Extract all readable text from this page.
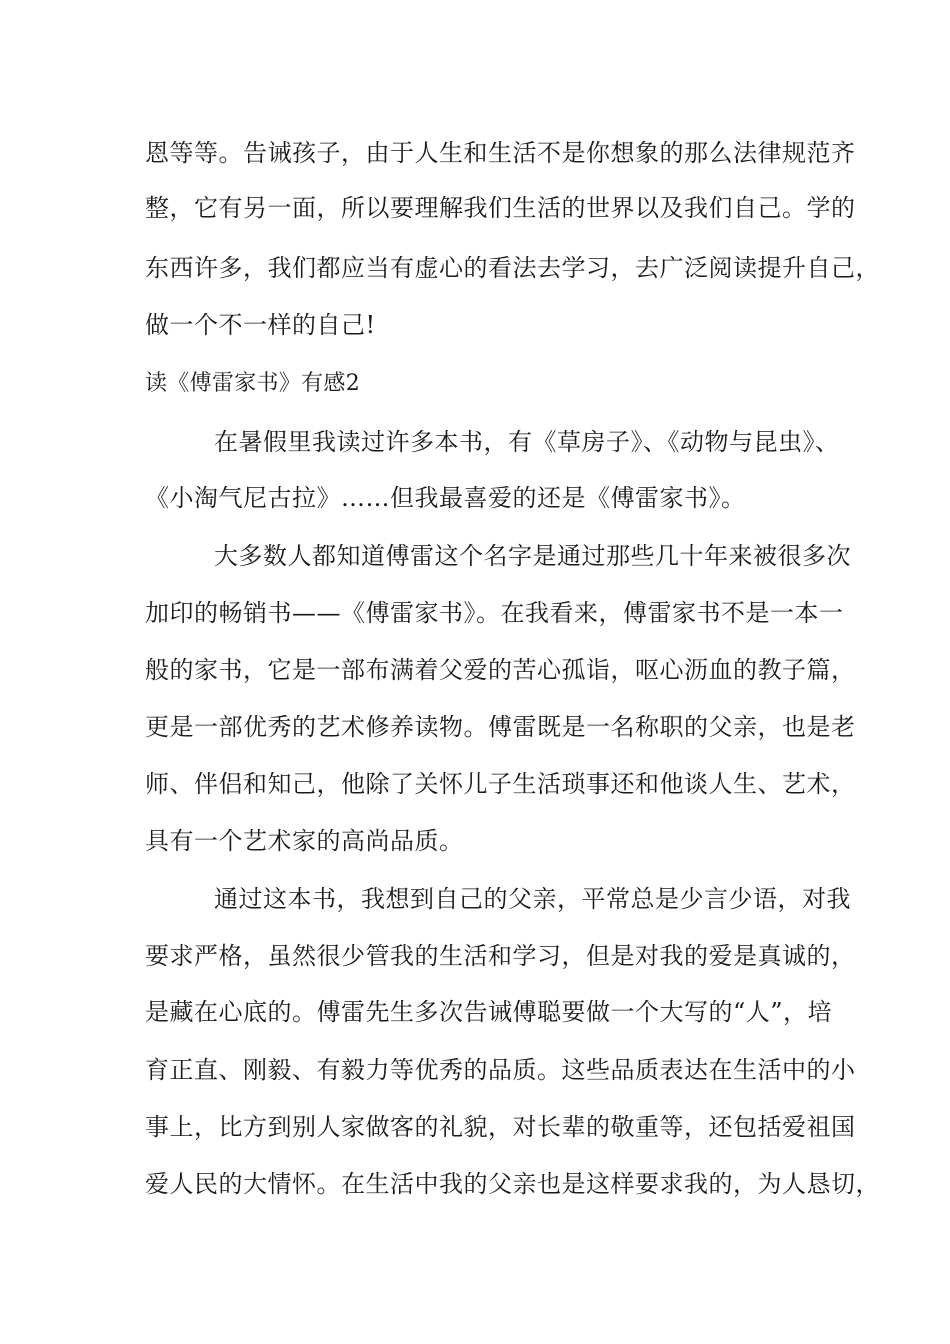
恩等等。告诫孩子，由于人生和生活不是你想象的那么法律规范齐
整，它有另一面，所以要理解我们生活的世界以及我们自己。学的
东西许多，我们都应当有虚心的看法去学习，去广泛阅读提升自己，
做一个不一样的自己!
读《傅雷家书》有感2
在暑假里我读过许多本书，有《草房子》、《动物与昆虫》、
《小淘气尼古拉》……但我最喜爱的还是《傅雷家书》。
大多数人都知道傅雷这个名字是通过那些几十年来被很多次
加印的畅销书——《傅雷家书》。在我看来，傅雷家书不是一本一
般的家书，它是一部布满着父爱的苦心孤诣，呕心沥血的教子篇，
更是一部优秀的艺术修养读物。傅雷既是一名称职的父亲，也是老
师、伴侣和知己，他除了关怀儿子生活琐事还和他谈人生、艺术，
具有一个艺术家的高尚品质。
通过这本书，我想到自己的父亲，平常总是少言少语，对我
要求严格，虽然很少管我的生活和学习，但是对我的爱是真诚的，
是藏在心底的。傅雷先生多次告诫傅聪要做一个大写的“人”，培
育正直、刚毅、有毅力等优秀的品质。这些品质表达在生活中的小
事上，比方到别人家做客的礼貌，对长辈的敬重等，还包括爱祖国
爱人民的大情怀。在生活中我的父亲也是这样要求我的，为人恳切，
